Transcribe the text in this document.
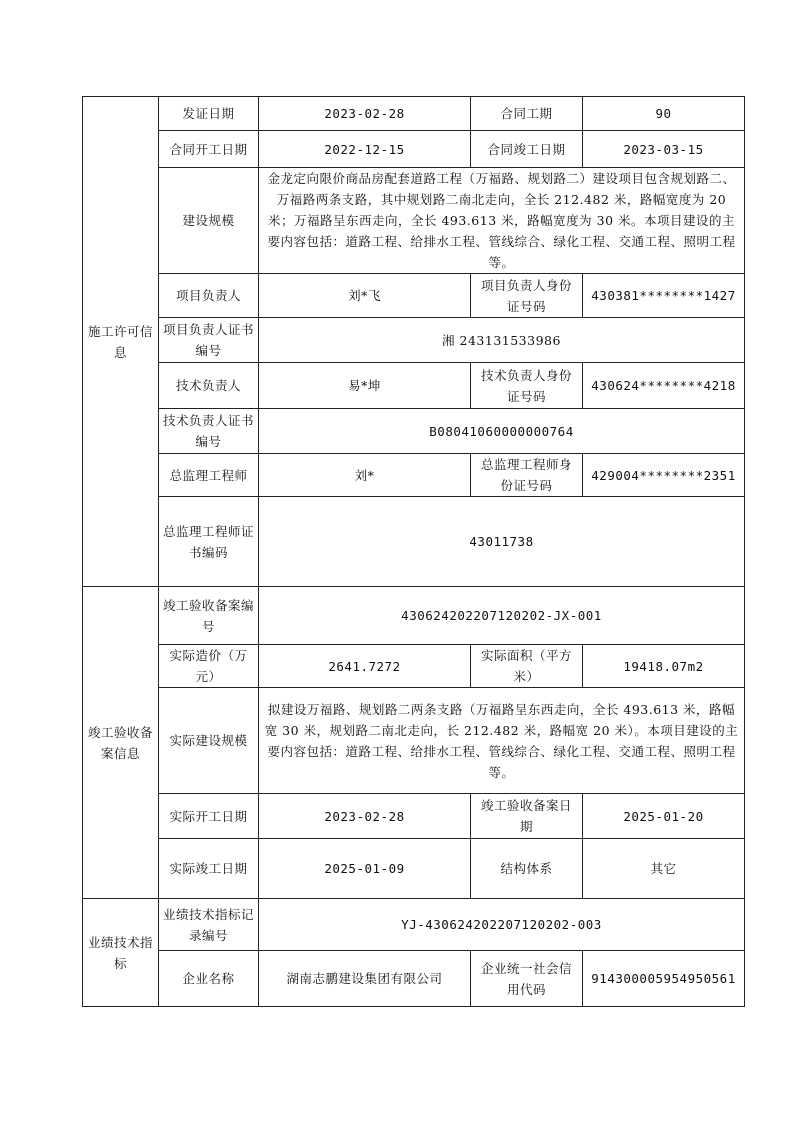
施工许可信息	发证日期	2023-02-28	合同工期	90
	合同开工日期	2022-12-15	合同竣工日期	2023-03-15
	建设规模	金龙定向限价商品房配套道路工程（万福路、规划路二）建设项目包含规划路二、万福路两条支路，其中规划路二南北走向，全长 212.482 米，路幅宽度为 20 米；万福路呈东西走向，全长 493.613 米，路幅宽度为 30 米。本项目建设的主要内容包括：道路工程、给排水工程、管线综合、绿化工程、交通工程、照明工程等。		
	项目负责人	刘*飞	项目负责人身份证号码	430381********1427
	项目负责人证书编号	湘 243131533986		
	技术负责人	易*坤	技术负责人身份证号码	430624********4218
	技术负责人证书编号	B08041060000000764		
	总监理工程师	刘*	总监理工程师身份证号码	429004********2351
	总监理工程师证书编码	43011738		

竣工验收备案信息	竣工验收备案编号	430624202207120202-JX-001		
	实际造价（万元）	2641.7272	实际面积（平方米）	19418.07m2
	实际建设规模	拟建设万福路、规划路二两条支路（万福路呈东西走向，全长 493.613 米，路幅宽 30 米，规划路二南北走向，长 212.482 米，路幅宽 20 米）。本项目建设的主要内容包括：道路工程、给排水工程、管线综合、绿化工程、交通工程、照明工程等。		
	实际开工日期	2023-02-28	竣工验收备案日期	2025-01-20
	实际竣工日期	2025-01-09	结构体系	其它
业绩技术指标	业绩技术指标记录编号	YJ-430624202207120202-003		
	企业名称	湖南志鹏建设集团有限公司	企业统一社会信用代码	914300005954950561
